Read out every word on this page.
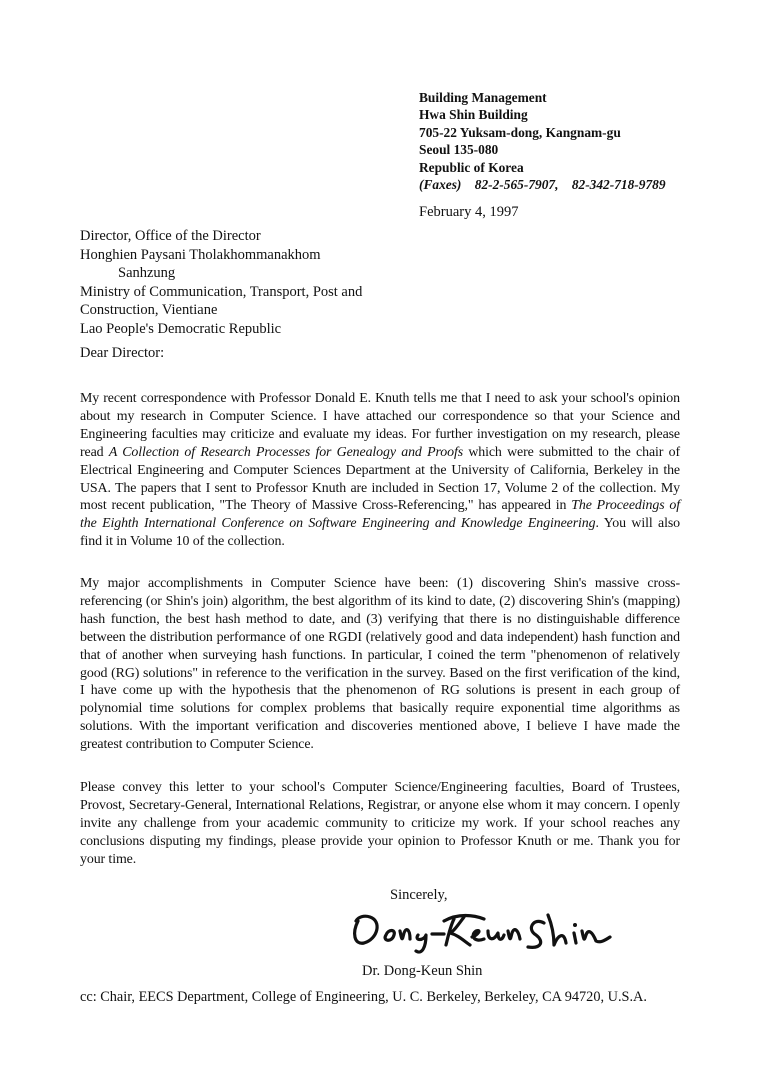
Building Management
Hwa Shin Building
705-22 Yuksam-dong, Kangnam-gu
Seoul 135-080
Republic of Korea
(Faxes) 82-2-565-7907, 82-342-718-9789
February 4, 1997
Director, Office of the Director
Honghien Paysani Tholakhommanakhom
Sanhzung
Ministry of Communication, Transport, Post and
Construction, Vientiane
Lao People's Democratic Republic
Dear Director:
My recent correspondence with Professor Donald E. Knuth tells me that I need to ask your school's opinion about my research in Computer Science. I have attached our correspondence so that your Science and Engineering faculties may criticize and evaluate my ideas. For further investigation on my research, please read A Collection of Research Processes for Genealogy and Proofs which were submitted to the chair of Electrical Engineering and Computer Sciences Department at the University of California, Berkeley in the USA. The papers that I sent to Professor Knuth are included in Section 17, Volume 2 of the collection. My most recent publication, "The Theory of Massive Cross-Referencing," has appeared in The Proceedings of the Eighth International Conference on Software Engineering and Knowledge Engineering. You will also find it in Volume 10 of the collection.
My major accomplishments in Computer Science have been: (1) discovering Shin's massive cross-referencing (or Shin's join) algorithm, the best algorithm of its kind to date, (2) discovering Shin's (mapping) hash function, the best hash method to date, and (3) verifying that there is no distinguishable difference between the distribution performance of one RGDI (relatively good and data independent) hash function and that of another when surveying hash functions. In particular, I coined the term "phenomenon of relatively good (RG) solutions" in reference to the verification in the survey. Based on the first verification of the kind, I have come up with the hypothesis that the phenomenon of RG solutions is present in each group of polynomial time solutions for complex problems that basically require exponential time algorithms as solutions. With the important verification and discoveries mentioned above, I believe I have made the greatest contribution to Computer Science.
Please convey this letter to your school's Computer Science/Engineering faculties, Board of Trustees, Provost, Secretary-General, International Relations, Registrar, or anyone else whom it may concern. I openly invite any challenge from your academic community to criticize my work. If your school reaches any conclusions disputing my findings, please provide your opinion to Professor Knuth or me. Thank you for your time.
Sincerely,
Dr. Dong-Keun Shin
cc: Chair, EECS Department, College of Engineering, U. C. Berkeley, Berkeley, CA 94720, U.S.A.
